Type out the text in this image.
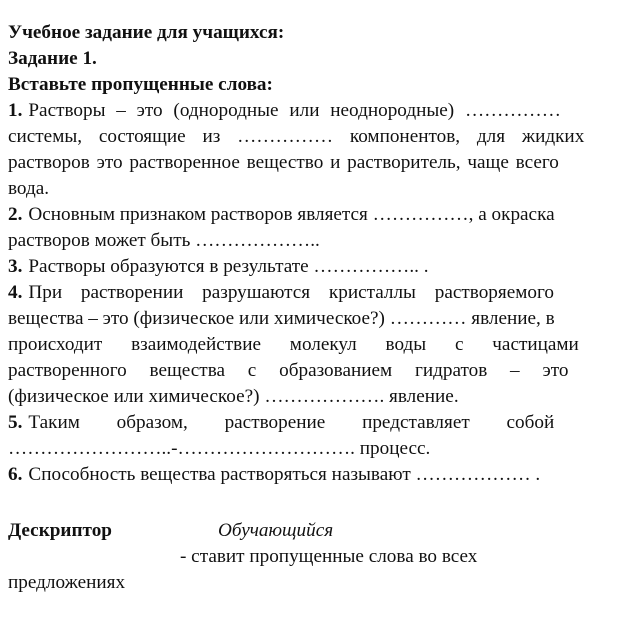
Учебное задание для учащихся:
Задание 1.
Вставьте пропущенные слова:
1. Растворы – это (однородные или неоднородные) ……………
системы, состоящие из …………… компонентов, для жидких
растворов это растворенное вещество и растворитель, чаще всего
вода.
2. Основным признаком растворов является ……………, а окраска
растворов может быть ………………..
3. Растворы образуются в результате …………….. .
4. При растворении разрушаются кристаллы растворяемого
вещества – это (физическое или химическое?) ………… явление, в
происходит взаимодействие молекул воды с частицами
растворенного вещества с образованием гидратов – это
(физическое или химическое?) ………………. явление.
5. Таким образом, растворение представляет собой
……………………..-………………………. процесс.
6. Способность вещества растворяться называют ……………… .
Дескриптор	Обучающийся
- ставит пропущенные слова во всех
предложениях
